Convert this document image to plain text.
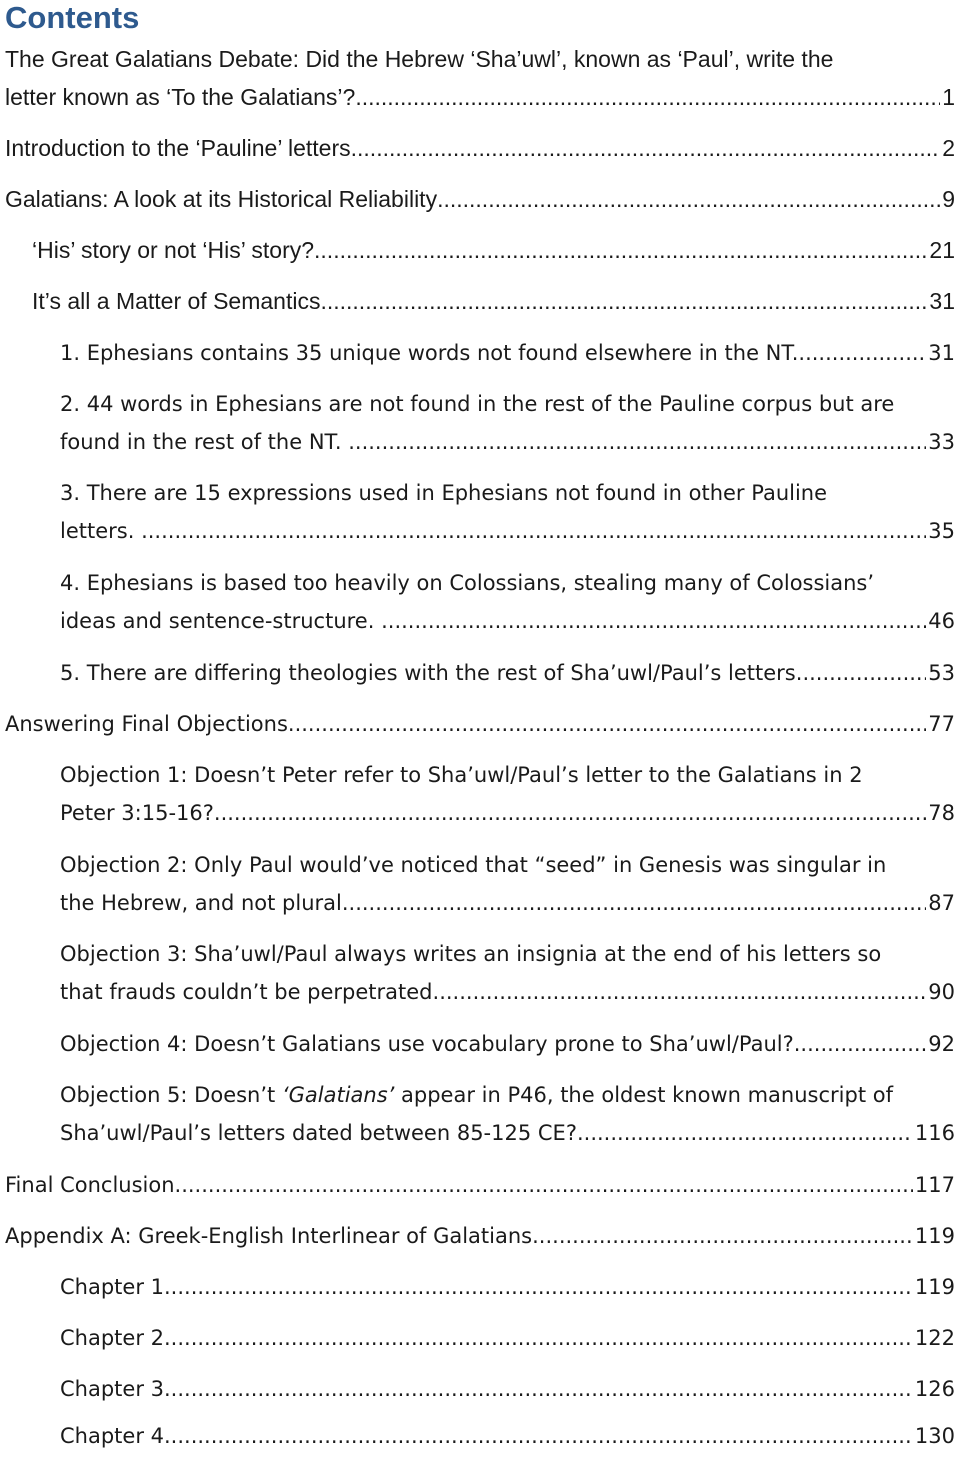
Contents
The Great Galatians Debate: Did the Hebrew ‘Sha’uwl’, known as ‘Paul’, write the
letter known as ‘To the Galatians’? .....	1
Introduction to the ‘Pauline’ letters .....	2
Galatians: A look at its Historical Reliability .....	9
‘His’ story or not ‘His’ story?. .....	21
It’s all a Matter of Semantics .....	31
1. Ephesians contains 35 unique words not found elsewhere in the NT. .....	31
2. 44 words in Ephesians are not found in the rest of the Pauline corpus but are
found in the rest of the NT. . .....	33
3. There are 15 expressions used in Ephesians not found in other Pauline
letters. . .....	35
4. Ephesians is based too heavily on Colossians, stealing many of Colossians’
ideas and sentence-structure. . .....	46
5. There are differing theologies with the rest of Sha’uwl/Paul’s letters. .....	53
Answering Final Objections .....	77
Objection 1: Doesn’t Peter refer to Sha’uwl/Paul’s letter to the Galatians in 2
Peter 3:15-16?. .....	78
Objection 2: Only Paul would’ve noticed that “seed” in Genesis was singular in
the Hebrew, and not plural .....	87
Objection 3: Sha’uwl/Paul always writes an insignia at the end of his letters so
that frauds couldn’t be perpetrated .....	90
Objection 4: Doesn’t Galatians use vocabulary prone to Sha’uwl/Paul? .....	92
Objection 5: Doesn’t ‘Galatians’ appear in P46, the oldest known manuscript of
Sha’uwl/Paul’s letters dated between 85-125 CE?. .....	116
Final Conclusion .....	117
Appendix A: Greek-English Interlinear of Galatians .....	119
Chapter 1 .....	119
Chapter 2 .....	122
Chapter 3 .....	126
Chapter 4 .....	130
